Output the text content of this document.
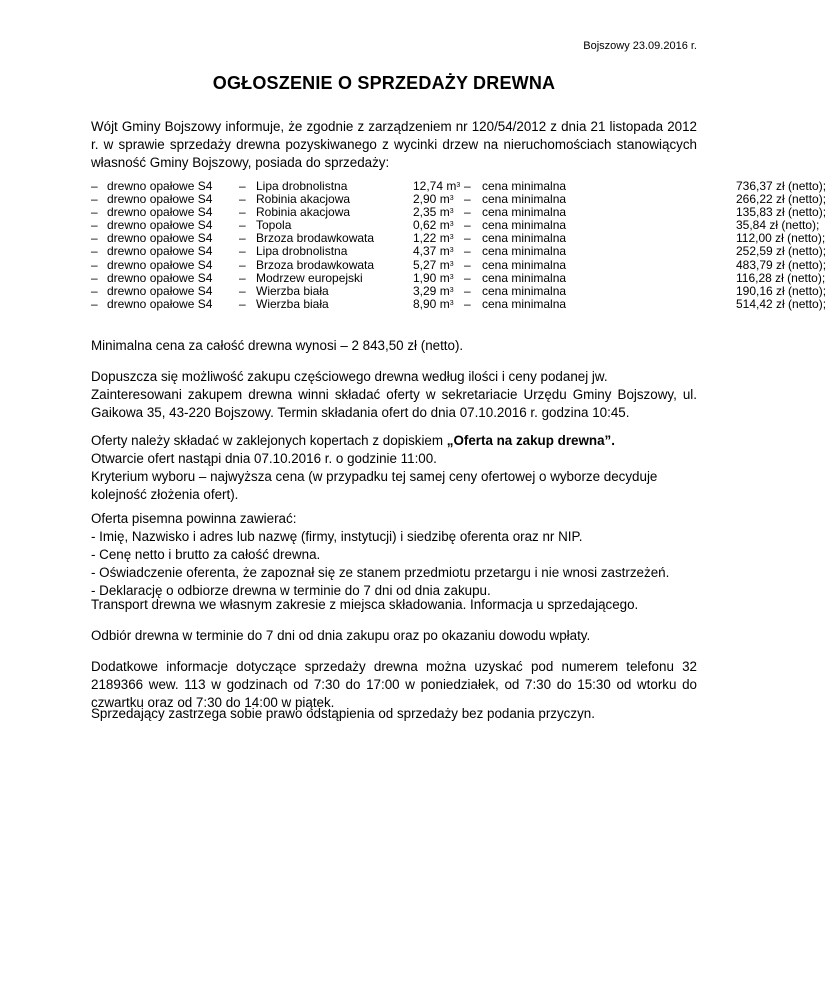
Bojszowy 23.09.2016 r.
OGŁOSZENIE O SPRZEDAŻY DREWNA
Wójt Gminy Bojszowy informuje, że zgodnie z zarządzeniem nr 120/54/2012 z dnia 21 listopada 2012 r. w sprawie sprzedaży drewna pozyskiwanego z wycinki drzew na nieruchomościach stanowiących własność Gminy Bojszowy, posiada do sprzedaży:
– drewno opałowe S4 – Lipa drobnolistna	12,74 $m^3$ – cena minimalna	736,37 zł (netto);
– drewno opałowe S4 – Robinia akacjowa	2,90 $m^3$ – cena minimalna	266,22 zł (netto);
– drewno opałowe S4 – Robinia akacjowa	2,35 $m^3$ – cena minimalna	135,83 zł (netto);
– drewno opałowe S4 – Topola	0,62 $m^3$ – cena minimalna	35,84 zł (netto);
– drewno opałowe S4 – Brzoza brodawkowata	1,22 $m^3$ – cena minimalna	112,00 zł (netto);
– drewno opałowe S4 – Lipa drobnolistna	4,37 $m^3$ – cena minimalna	252,59 zł (netto);
– drewno opałowe S4 – Brzoza brodawkowata	5,27 $m^3$ – cena minimalna	483,79 zł (netto);
– drewno opałowe S4 – Modrzew europejski	1,90 $m^3$ – cena minimalna	116,28 zł (netto);
– drewno opałowe S4 – Wierzba biała	3,29 $m^3$ – cena minimalna	190,16 zł (netto);
– drewno opałowe S4 – Wierzba biała	8,90 $m^3$ – cena minimalna	514,42 zł (netto);
Minimalna cena za całość drewna wynosi – 2 843,50 zł (netto).
Dopuszcza się możliwość zakupu częściowego drewna według ilości i ceny podanej jw.
Zainteresowani zakupem drewna winni składać oferty w sekretariacie Urzędu Gminy Bojszowy, ul. Gaikowa 35, 43-220 Bojszowy. Termin składania ofert do dnia 07.10.2016 r. godzina 10:45.
Oferty należy składać w zaklejonych kopertach z dopiskiem „Oferta na zakup drewna”.
Otwarcie ofert nastąpi dnia 07.10.2016 r. o godzinie 11:00.
Kryterium wyboru – najwyższa cena (w przypadku tej samej ceny ofertowej o wyborze decyduje kolejność złożenia ofert).
Oferta pisemna powinna zawierać:
- Imię, Nazwisko i adres lub nazwę (firmy, instytucji) i siedzibę oferenta oraz nr NIP.
- Cenę netto i brutto za całość drewna.
- Oświadczenie oferenta, że zapoznał się ze stanem przedmiotu przetargu i nie wnosi zastrzeżeń.
- Deklarację o odbiorze drewna w terminie do 7 dni od dnia zakupu.
Transport drewna we własnym zakresie z miejsca składowania. Informacja u sprzedającego.
Odbiór drewna w terminie do 7 dni od dnia zakupu oraz po okazaniu dowodu wpłaty.
Dodatkowe informacje dotyczące sprzedaży drewna można uzyskać pod numerem telefonu 32 2189366 wew. 113 w godzinach od 7:30 do 17:00 w poniedziałek, od 7:30 do 15:30 od wtorku do czwartku oraz od 7:30 do 14:00 w piątek.
Sprzedający zastrzega sobie prawo odstąpienia od sprzedaży bez podania przyczyn.
